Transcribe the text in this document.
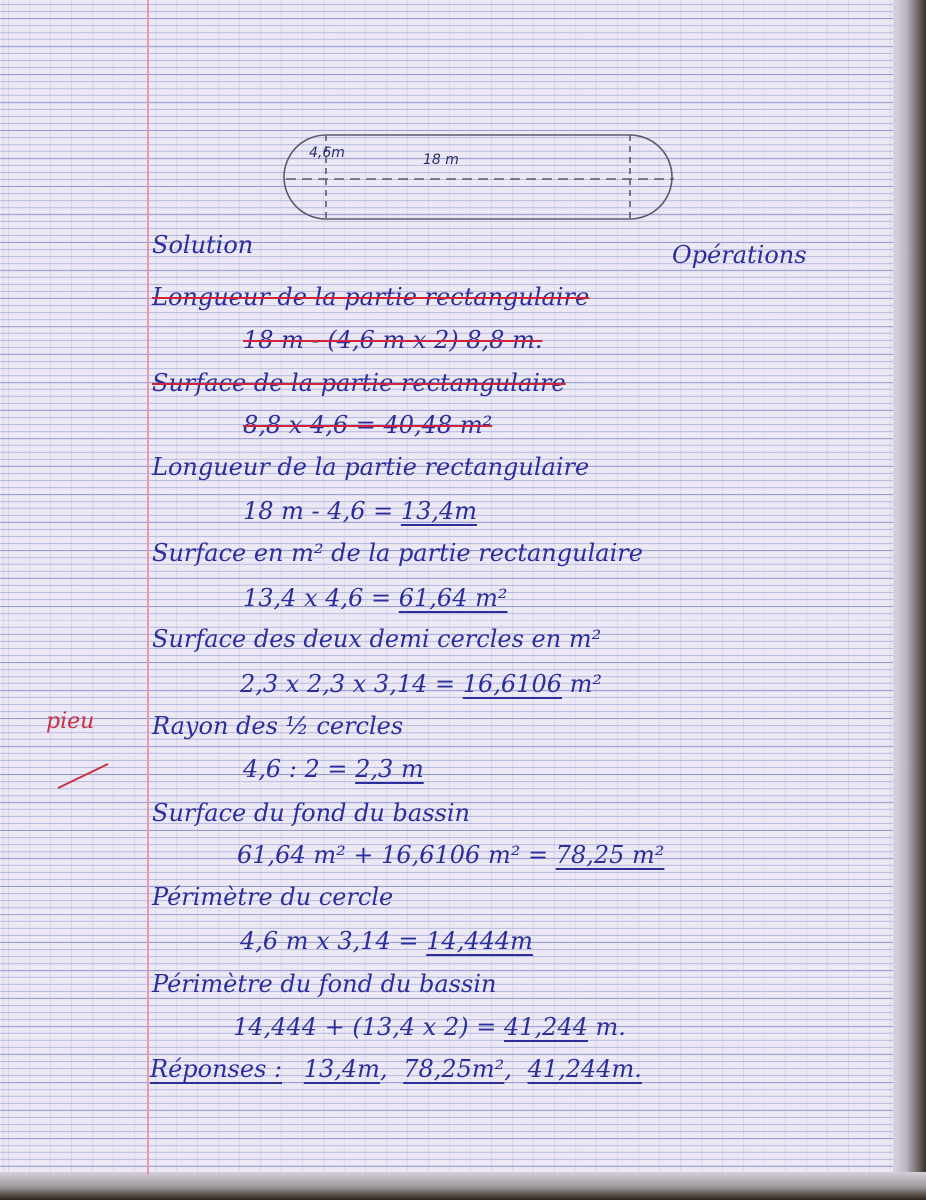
4,6m	18 m
Solution	Opérations
pieu
Longueur de la partie rectangulaire
18 m - (4,6 m x 2) 8,8 m.
Surface de la partie rectangulaire
8,8 x 4,6 = 40,48 m²
Longueur de la partie rectangulaire
18 m - 4,6 = 13,4m
Surface en m² de la partie rectangulaire
13,4 x 4,6 = 61,64 m²
Surface des deux demi cercles en m²
2,3 x 2,3 x 3,14 = 16,6106 m²
Rayon des ½ cercles
4,6 : 2 = 2,3 m
Surface du fond du bassin
61,64 m² + 16,6106 m² = 78,25 m²
Périmètre du cercle
4,6 m x 3,14 = 14,444m
Périmètre du fond du bassin
14,444 + (13,4 x 2) = 41,244 m.
Réponses : 13,4m, 78,25m², 41,244m.
